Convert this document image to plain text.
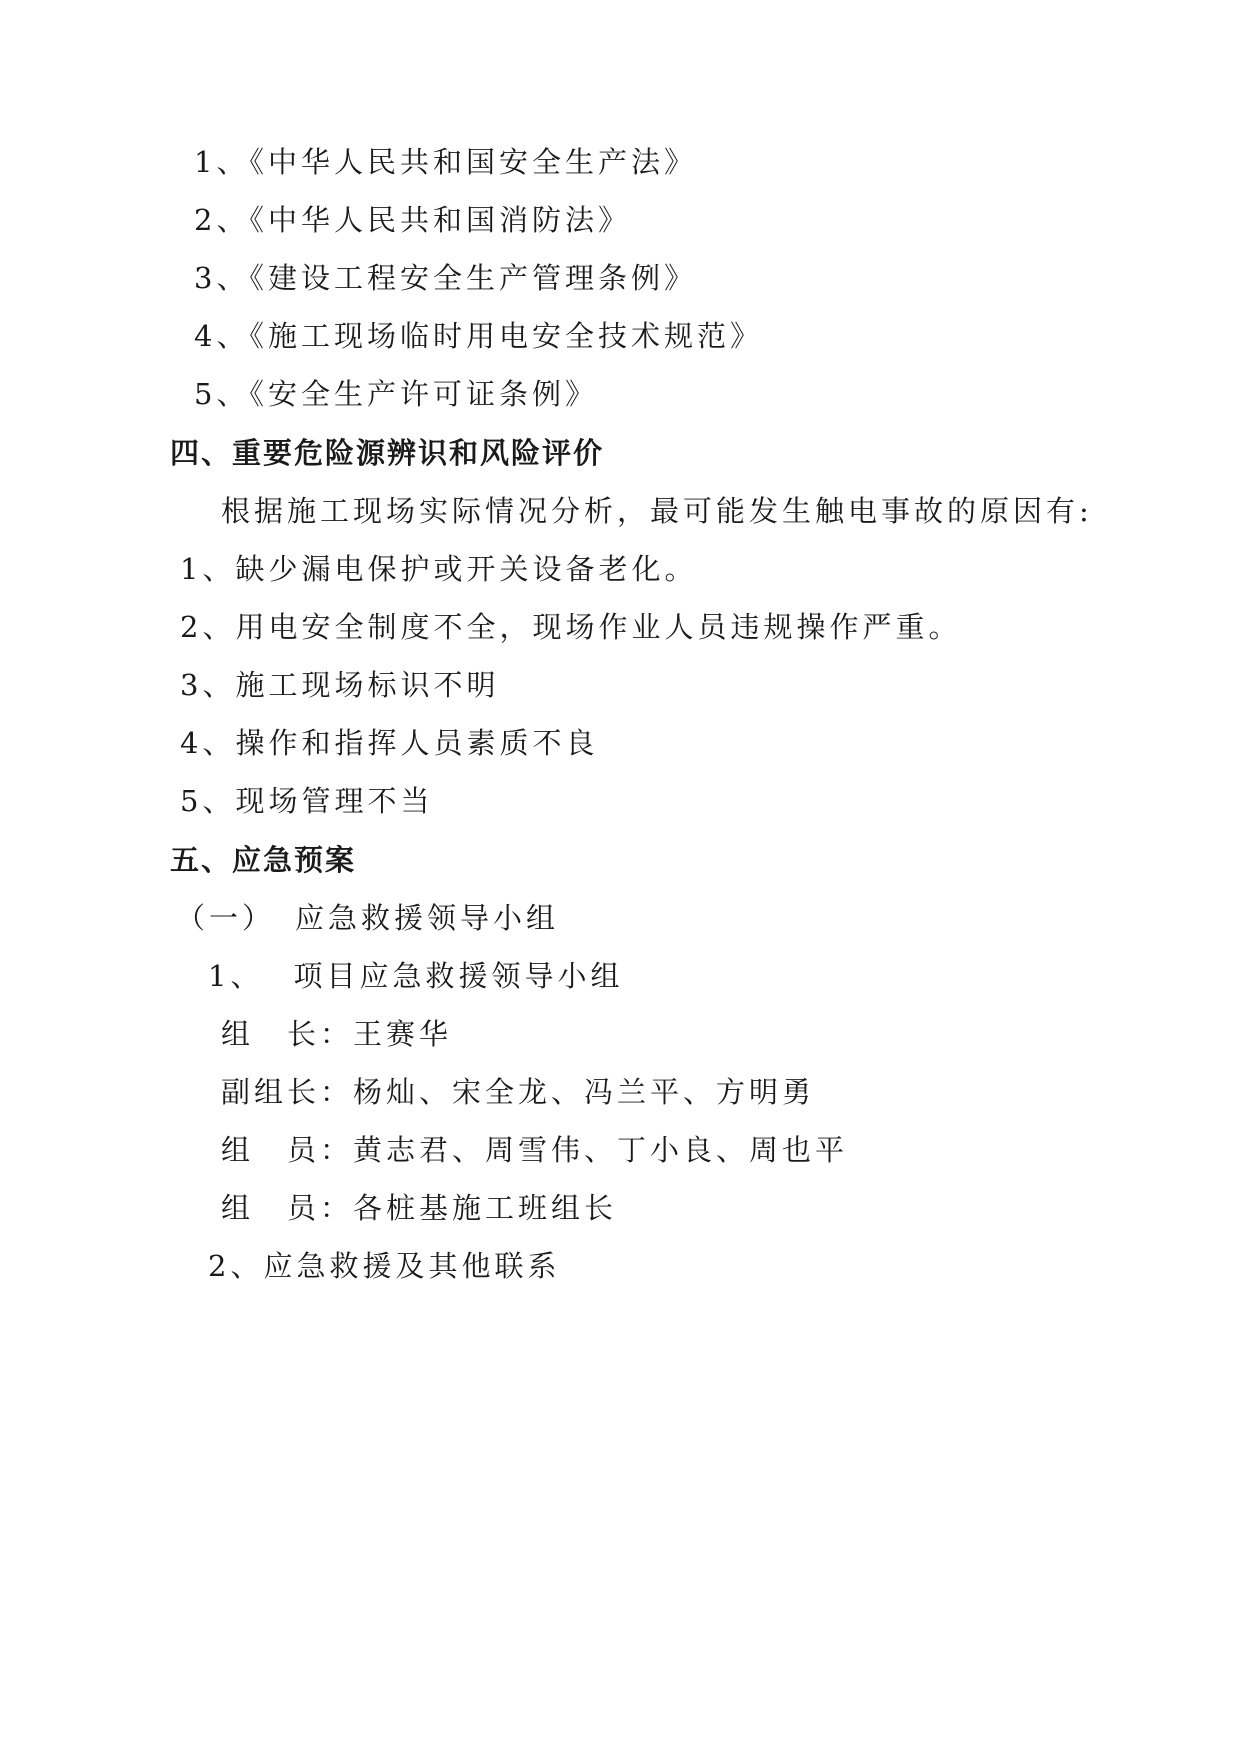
1、《中华人民共和国安全生产法》
2、《中华人民共和国消防法》
3、《建设工程安全生产管理条例》
4、《施工现场临时用电安全技术规范》
5、《安全生产许可证条例》
四、重要危险源辨识和风险评价
根据施工现场实际情况分析，最可能发生触电事故的原因有:
1、缺少漏电保护或开关设备老化。
2、用电安全制度不全，现场作业人员违规操作严重。
3、施工现场标识不明
4、操作和指挥人员素质不良
5、现场管理不当
五、应急预案
（一） 应急救援领导小组
1、 项目应急救援领导小组
组　长：王赛华
副组长：杨灿、宋全龙、冯兰平、方明勇
组　员：黄志君、周雪伟、丁小良、周也平
组　员：各桩基施工班组长
2、应急救援及其他联系
